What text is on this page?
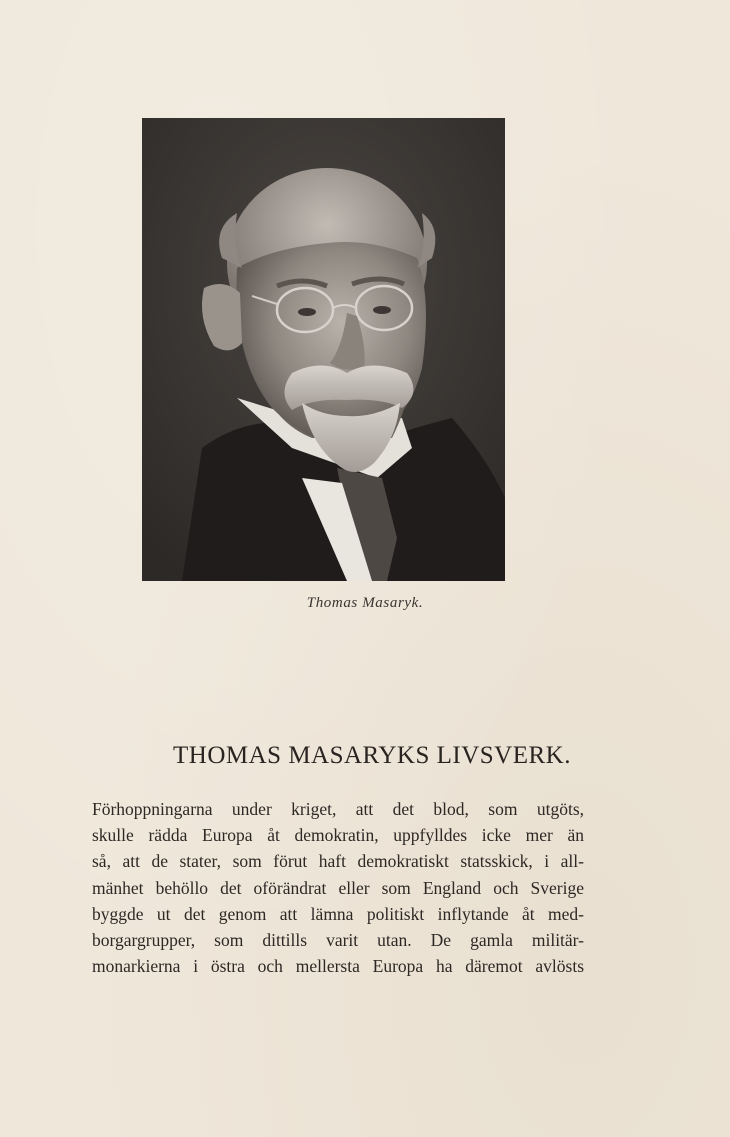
Thomas Masaryk.
THOMAS MASARYKS LIVSVERK.
Förhoppningarna under kriget, att det blod, som utgöts,
skulle rädda Europa åt demokratin, uppfylldes icke mer än
så, att de stater, som förut haft demokratiskt statsskick, i all-
mänhet behöllo det oförändrat eller som England och Sverige
byggde ut det genom att lämna politiskt inflytande åt med-
borgargrupper, som dittills varit utan. De gamla militär-
monarkierna i östra och mellersta Europa ha däremot avlösts
